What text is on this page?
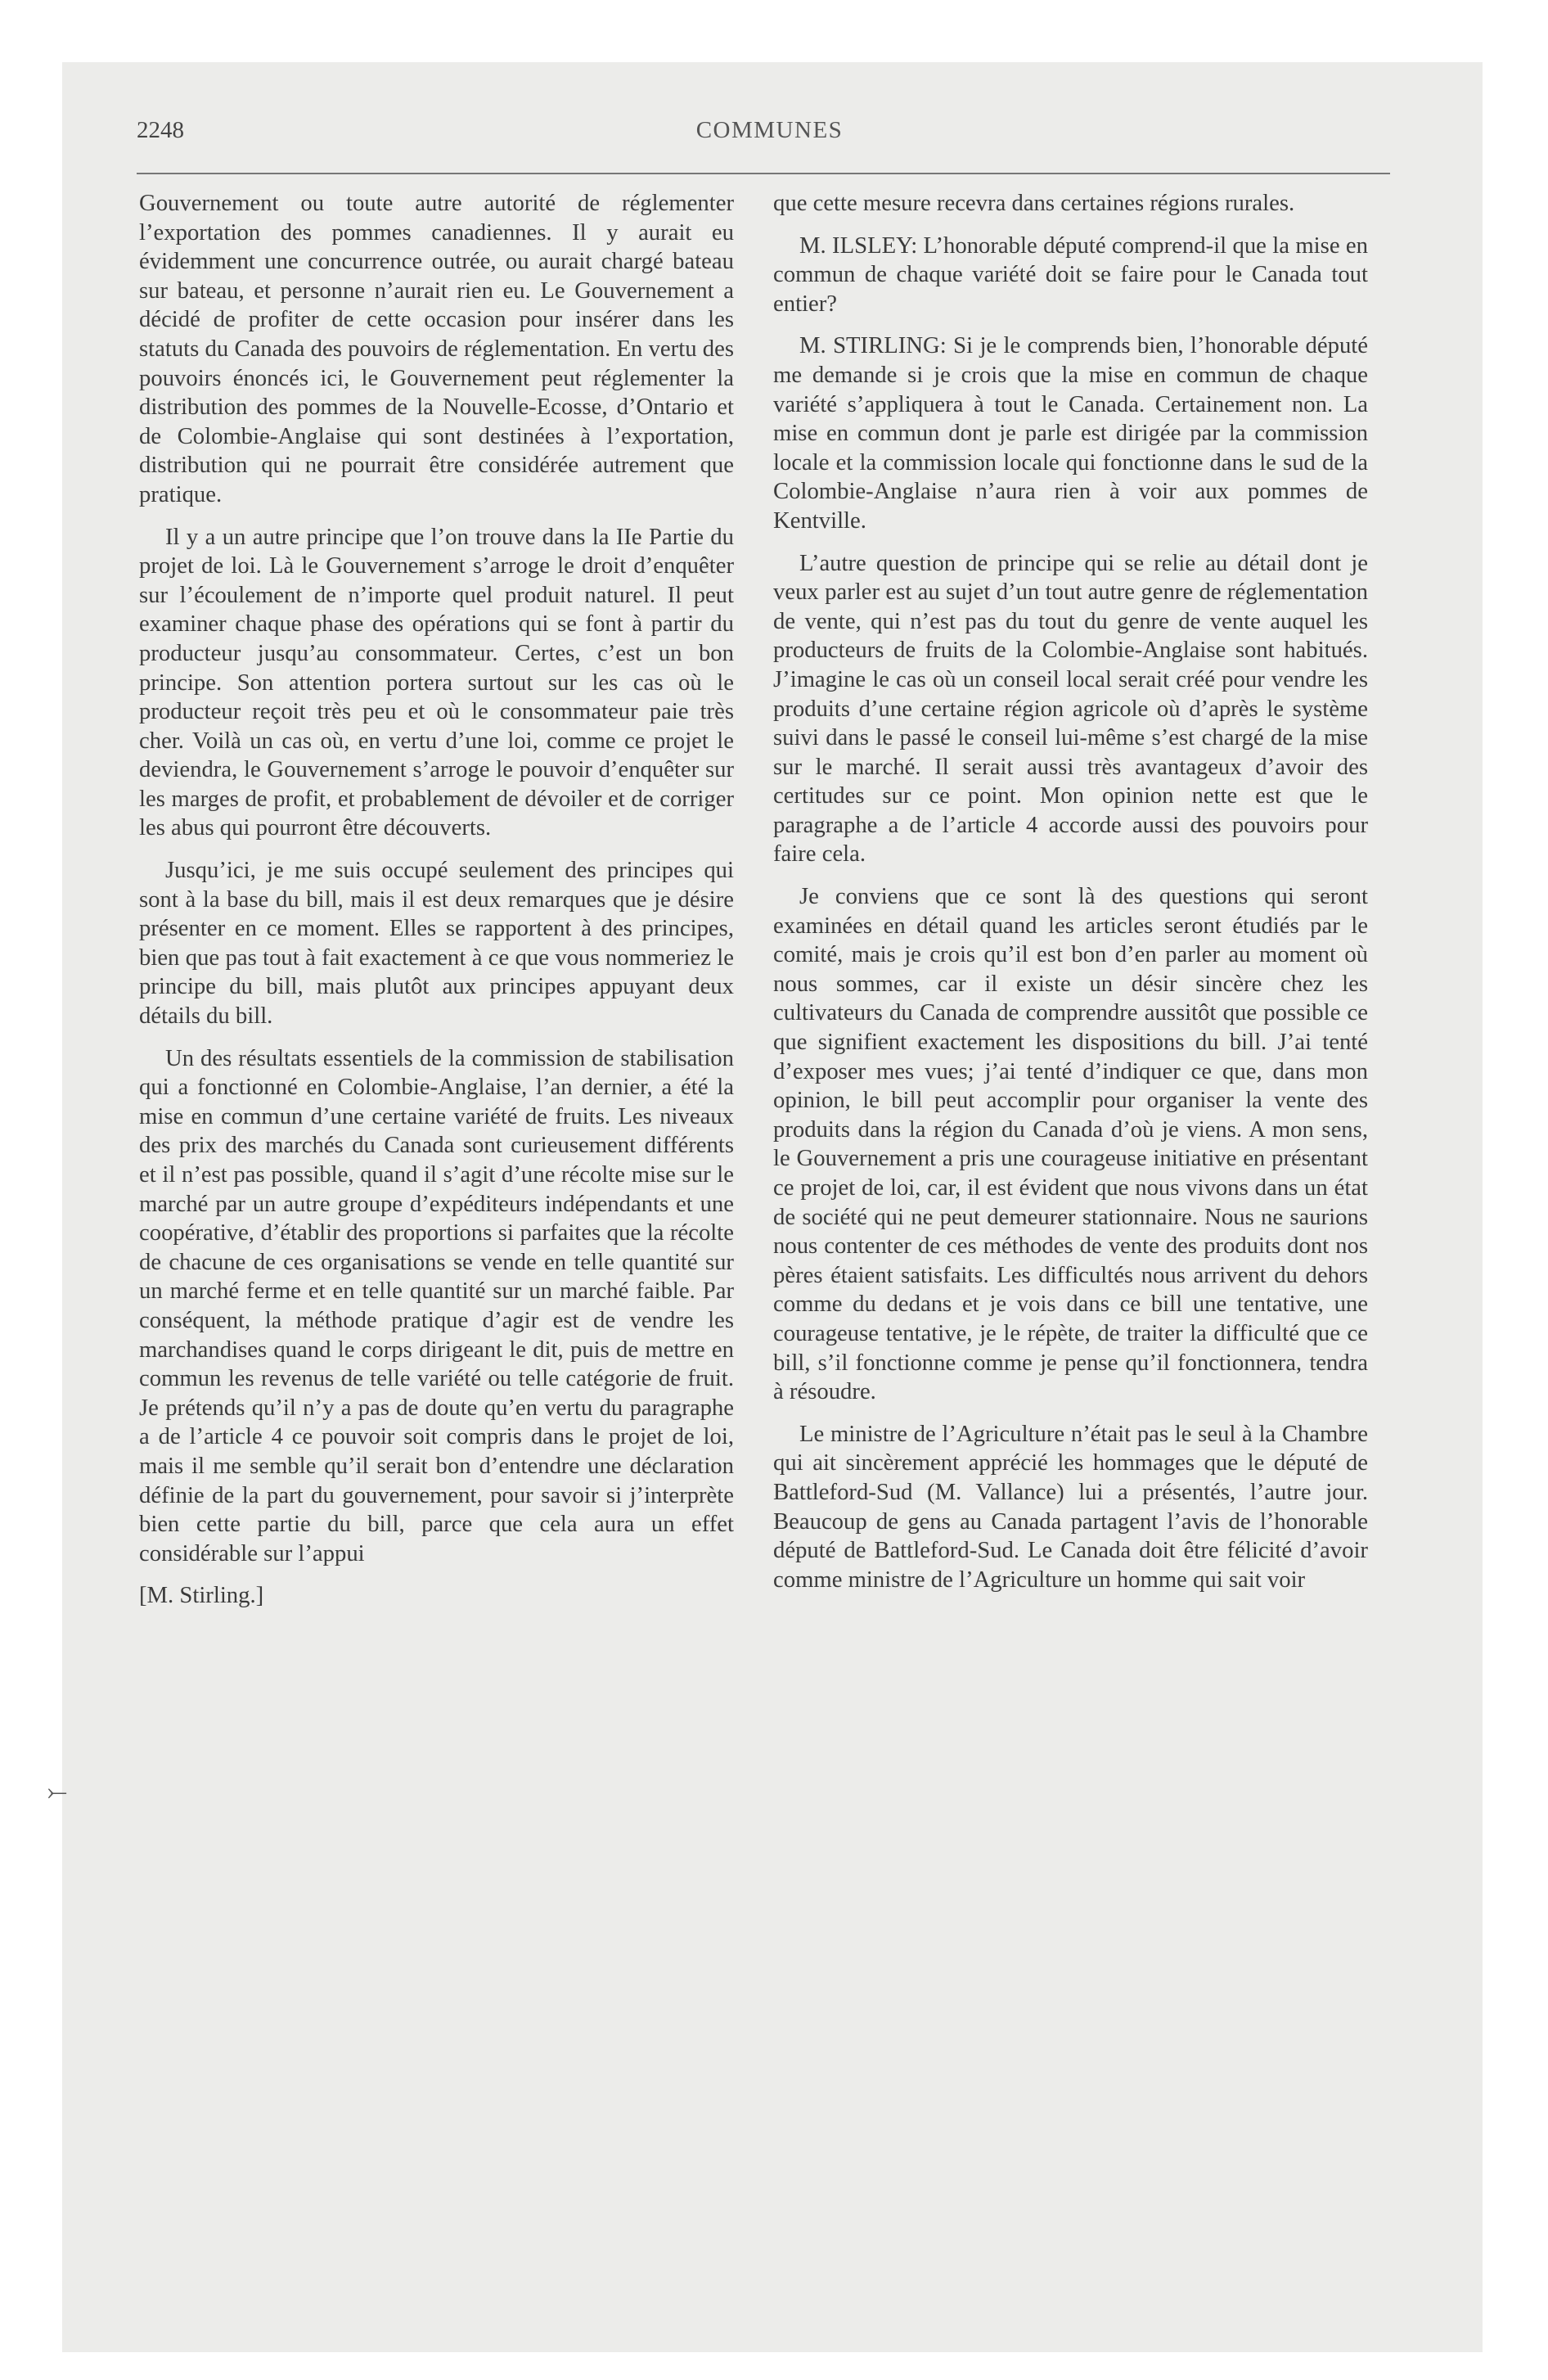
2248	COMMUNES

Gouvernement ou toute autre autorité de réglementer l’exportation des pommes canadiennes. Il y aurait eu évidemment une concurrence outrée, ou aurait chargé bateau sur bateau, et personne n’aurait rien eu. Le Gouvernement a décidé de profiter de cette occasion pour insérer dans les statuts du Canada des pouvoirs de réglementation. En vertu des pouvoirs énoncés ici, le Gouvernement peut réglementer la distribution des pommes de la Nouvelle-Ecosse, d’Ontario et de Colombie-Anglaise qui sont destinées à l’exportation, distribution qui ne pourrait être considérée autrement que pratique.

Il y a un autre principe que l’on trouve dans la IIe Partie du projet de loi. Là le Gouvernement s’arroge le droit d’enquêter sur l’écoulement de n’importe quel produit naturel. Il peut examiner chaque phase des opérations qui se font à partir du producteur jusqu’au consommateur. Certes, c’est un bon principe. Son attention portera surtout sur les cas où le producteur reçoit très peu et où le consommateur paie très cher. Voilà un cas où, en vertu d’une loi, comme ce projet le deviendra, le Gouvernement s’arroge le pouvoir d’enquêter sur les marges de profit, et probablement de dévoiler et de corriger les abus qui pourront être découverts.

Jusqu’ici, je me suis occupé seulement des principes qui sont à la base du bill, mais il est deux remarques que je désire présenter en ce moment. Elles se rapportent à des principes, bien que pas tout à fait exactement à ce que vous nommeriez le principe du bill, mais plutôt aux principes appuyant deux détails du bill.

Un des résultats essentiels de la commission de stabilisation qui a fonctionné en Colombie-Anglaise, l’an dernier, a été la mise en commun d’une certaine variété de fruits. Les niveaux des prix des marchés du Canada sont curieusement différents et il n’est pas possible, quand il s’agit d’une récolte mise sur le marché par un autre groupe d’expéditeurs indépendants et une coopérative, d’établir des proportions si parfaites que la récolte de chacune de ces organisations se vende en telle quantité sur un marché ferme et en telle quantité sur un marché faible. Par conséquent, la méthode pratique d’agir est de vendre les marchandises quand le corps dirigeant le dit, puis de mettre en commun les revenus de telle variété ou telle catégorie de fruit. Je prétends qu’il n’y a pas de doute qu’en vertu du paragraphe a de l’article 4 ce pouvoir soit compris dans le projet de loi, mais il me semble qu’il serait bon d’entendre une déclaration définie de la part du gouvernement, pour savoir si j’interprète bien cette partie du bill, parce que cela aura un effet considérable sur l’appui

[M. Stirling.]

que cette mesure recevra dans certaines régions rurales.

M. ILSLEY: L’honorable député comprend-il que la mise en commun de chaque variété doit se faire pour le Canada tout entier?

M. STIRLING: Si je le comprends bien, l’honorable député me demande si je crois que la mise en commun de chaque variété s’appliquera à tout le Canada. Certainement non. La mise en commun dont je parle est dirigée par la commission locale et la commission locale qui fonctionne dans le sud de la Colombie-Anglaise n’aura rien à voir aux pommes de Kentville.

L’autre question de principe qui se relie au détail dont je veux parler est au sujet d’un tout autre genre de réglementation de vente, qui n’est pas du tout du genre de vente auquel les producteurs de fruits de la Colombie-Anglaise sont habitués. J’imagine le cas où un conseil local serait créé pour vendre les produits d’une certaine région agricole où d’après le système suivi dans le passé le conseil lui-même s’est chargé de la mise sur le marché. Il serait aussi très avantageux d’avoir des certitudes sur ce point. Mon opinion nette est que le paragraphe a de l’article 4 accorde aussi des pouvoirs pour faire cela.

Je conviens que ce sont là des questions qui seront examinées en détail quand les articles seront étudiés par le comité, mais je crois qu’il est bon d’en parler au moment où nous sommes, car il existe un désir sincère chez les cultivateurs du Canada de comprendre aussitôt que possible ce que signifient exactement les dispositions du bill. J’ai tenté d’exposer mes vues; j’ai tenté d’indiquer ce que, dans mon opinion, le bill peut accomplir pour organiser la vente des produits dans la région du Canada d’où je viens. A mon sens, le Gouvernement a pris une courageuse initiative en présentant ce projet de loi, car, il est évident que nous vivons dans un état de société qui ne peut demeurer stationnaire. Nous ne saurions nous contenter de ces méthodes de vente des produits dont nos pères étaient satisfaits. Les difficultés nous arrivent du dehors comme du dedans et je vois dans ce bill une tentative, une courageuse tentative, je le répète, de traiter la difficulté que ce bill, s’il fonctionne comme je pense qu’il fonctionnera, tendra à résoudre.

Le ministre de l’Agriculture n’était pas le seul à la Chambre qui ait sincèrement apprécié les hommages que le député de Battleford-Sud (M. Vallance) lui a présentés, l’autre jour. Beaucoup de gens au Canada partagent l’avis de l’honorable député de Battleford-Sud. Le Canada doit être félicité d’avoir comme ministre de l’Agriculture un homme qui sait voir

⤚
